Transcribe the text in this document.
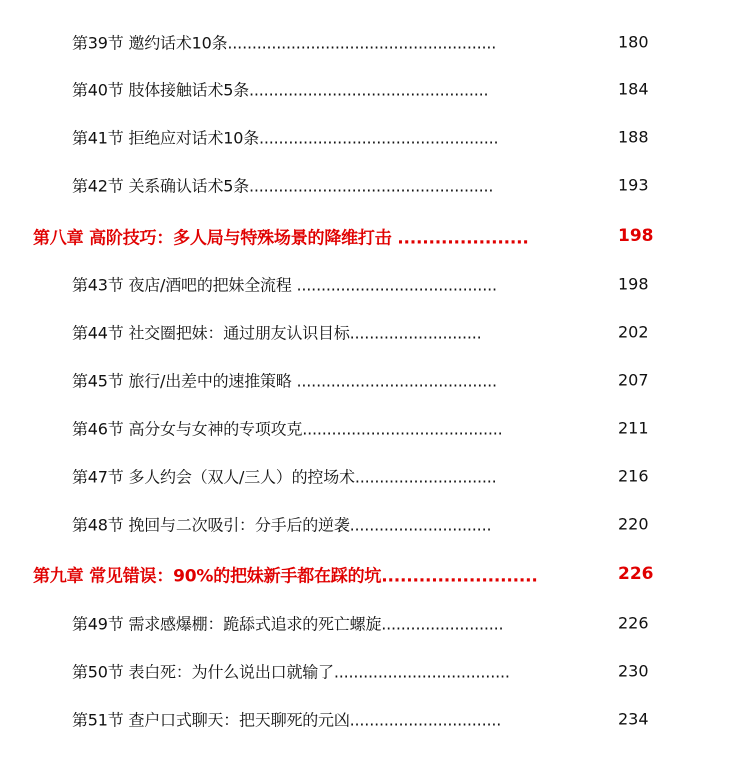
第39节 邀约话术10条.......................................................	180
第40节 肢体接触话术5条.................................................	184
第41节 拒绝应对话术10条.................................................	188
第42节 关系确认话术5条..................................................	193
第八章 高阶技巧：多人局与特殊场景的降维打击 .....................	198
第43节 夜店/酒吧的把妹全流程 .........................................	198
第44节 社交圈把妹：通过朋友认识目标...........................	202
第45节 旅行/出差中的速推策略 .........................................	207
第46节 高分女与女神的专项攻克.........................................	211
第47节 多人约会（双人/三人）的控场术.............................	216
第48节 挽回与二次吸引：分手后的逆袭.............................	220
第九章 常见错误：90%的把妹新手都在踩的坑.........................	226
第49节 需求感爆棚：跪舔式追求的死亡螺旋.........................	226
第50节 表白死：为什么说出口就输了....................................	230
第51节 查户口式聊天：把天聊死的元凶...............................	234
